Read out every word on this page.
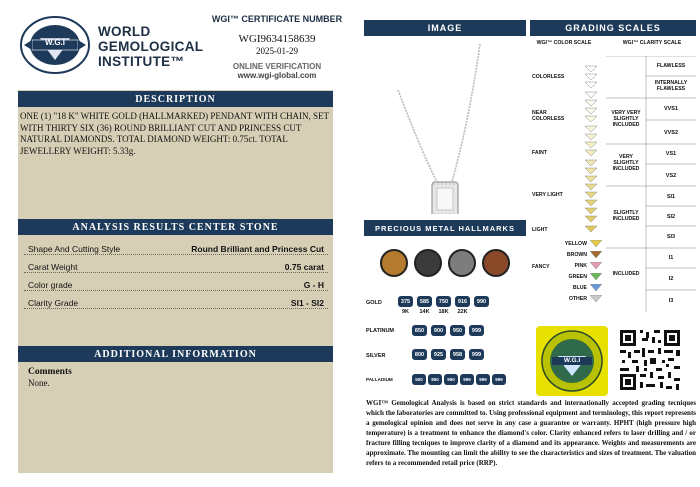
W.G.I
WORLD
GEMOLOGICAL
INSTITUTE™
WGI™ CERTIFICATE NUMBER
WGI9634158639
2025-01-29
ONLINE VERIFICATION
www.wgi-global.com
DESCRIPTION
ONE (1) "18 K" WHITE GOLD (HALLMARKED) PENDANT WITH CHAIN, SET WITH THIRTY SIX (36) ROUND BRILLIANT CUT AND PRINCESS CUT NATURAL DIAMONDS. TOTAL DIAMOND WEIGHT: 0.75ct. TOTAL JEWELLERY WEIGHT: 5.33g.
ANALYSIS RESULTS CENTER STONE
Shape And Cutting Style	Round Brilliant and Princess Cut
Carat Weight	0.75 carat
Color grade	G - H
Clarity Grade	SI1 - SI2
ADDITIONAL INFORMATION
Comments
None.
IMAGE
PRECIOUS METAL HALLMARKS
GOLD	375	585	750	916	990
9K	14K	18K	22K
PLATINUM	850	900	950	999
SILVER	800	925	958	999
PALLADIUM	500	850	950	999	999	999
GRADING SCALES
WGI™ COLOR SCALE	WGI™ CLARITY SCALE
COLORLESS
NEAR COLORLESS
FAINT
VERY LIGHT
LIGHT
FANCY
YELLOW
BROWN
PINK
GREEN
BLUE
OTHER
FLAWLESS
INTERNALLY FLAWLESS
VERY VERY SLIGHTLY INCLUDED
VVS1
VVS2
VERY SLIGHTLY INCLUDED
VS1
VS2
SLIGHTLY INCLUDED
SI1
SI2
SI3
INCLUDED
I1
I2
I3
W.G.I
WGI™ Gemological Analysis is based on strict standards and internationally accepted grading tecniques which the laboratories are committed to. Using professional equipment and terminology, this report represents a gemological opinion and does not serve in any case a guarantee or warranty. HPHT (high pressure high temperature) is a treatment to enhance the diamond's color. Clarity enhanced refers to laser drilling and / or fracture filling tecniques to improve clarity of a diamond and its appearance. Weights and measurements are approximate. The mounting can limit the ability to see the characteristics and sizes of treatment. The valuation refers to a recommended retail price (RRP).
